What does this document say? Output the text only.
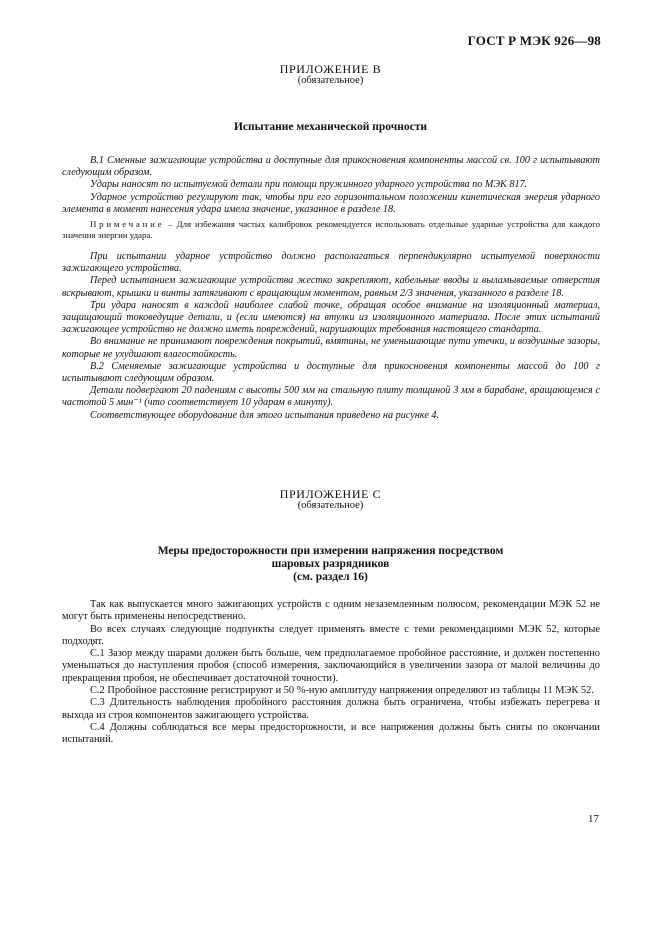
ГОСТ Р МЭК 926—98
ПРИЛОЖЕНИЕ В
(обязательное)
Испытание механической прочности

В.1 Сменные зажигающие устройства и доступные для прикосновения компоненты массой св. 100 г испытывают следующим образом.

Удары наносят по испытуемой детали при помощи пружинного ударного устройства по МЭК 817.

Ударное устройство регулируют так, чтобы при его горизонтальном положении кинетическая энергия ударного элемента в момент нанесения удара имела значение, указанное в разделе 18.

Примечание – Для избежания частых калибровок рекомендуется использовать отдельные ударные устройства для каждого значения энергии удара.

При испытании ударное устройство должно располагаться перпендикулярно испытуемой поверхности зажигающего устройства.

Перед испытанием зажигающие устройства жестко закрепляют, кабельные вводы и выламываемые отверстия вскрывают, крышки и винты затягивают с вращающим моментом, равным 2/3 значения, указанного в разделе 18.

Три удара наносят в каждой наиболее слабой точке, обращая особое внимание на изоляционный материал, защищающий токоведущие детали, и (если имеются) на втулки из изоляционного материала. После этих испытаний зажигающее устройство не должно иметь повреждений, нарушающих требования настоящего стандарта.

Во внимание не принимают повреждения покрытий, вмятины, не уменьшающие пути утечки, и воздушные зазоры, которые не ухудшают влагостойкость.

В.2 Сменяемые зажигающие устройства и доступные для прикосновения компоненты массой до 100 г испытывают следующим образом.

Детали подвергают 20 падениям с высоты 500 мм на стальную плиту толщиной 3 мм в барабане, вращающемся с частотой 5 мин⁻¹ (что соответствует 10 ударам в минуту).

Соответствующее оборудование для этого испытания приведено на рисунке 4.

ПРИЛОЖЕНИЕ С
(обязательное)
Меры предосторожности при измерении напряжения посредством
шаровых разрядников
(см. раздел 16)

Так как выпускается много зажигающих устройств с одним незаземленным полюсом, рекомендации МЭК 52 не могут быть применены непосредственно.

Во всех случаях следующие подпункты следует применять вместе с теми рекомендациями МЭК 52, которые подходят.

С.1 Зазор между шарами должен быть больше, чем предполагаемое пробойное расстояние, и должен постепенно уменьшаться до наступления пробоя (способ измерения, заключающийся в увеличении зазора от малой величины до прекращения пробоя, не обеспечивает достаточной точности).

С.2 Пробойное расстояние регистрируют и 50 %-ную амплитуду напряжения определяют из таблицы 11 МЭК 52.

С.3 Длительность наблюдения пробойного расстояния должна быть ограничена, чтобы избежать перегрева и выхода из строя компонентов зажигающего устройства.

С.4 Должны соблюдаться все меры предосторожности, и все напряжения должны быть сняты по окончании испытаний.

17
